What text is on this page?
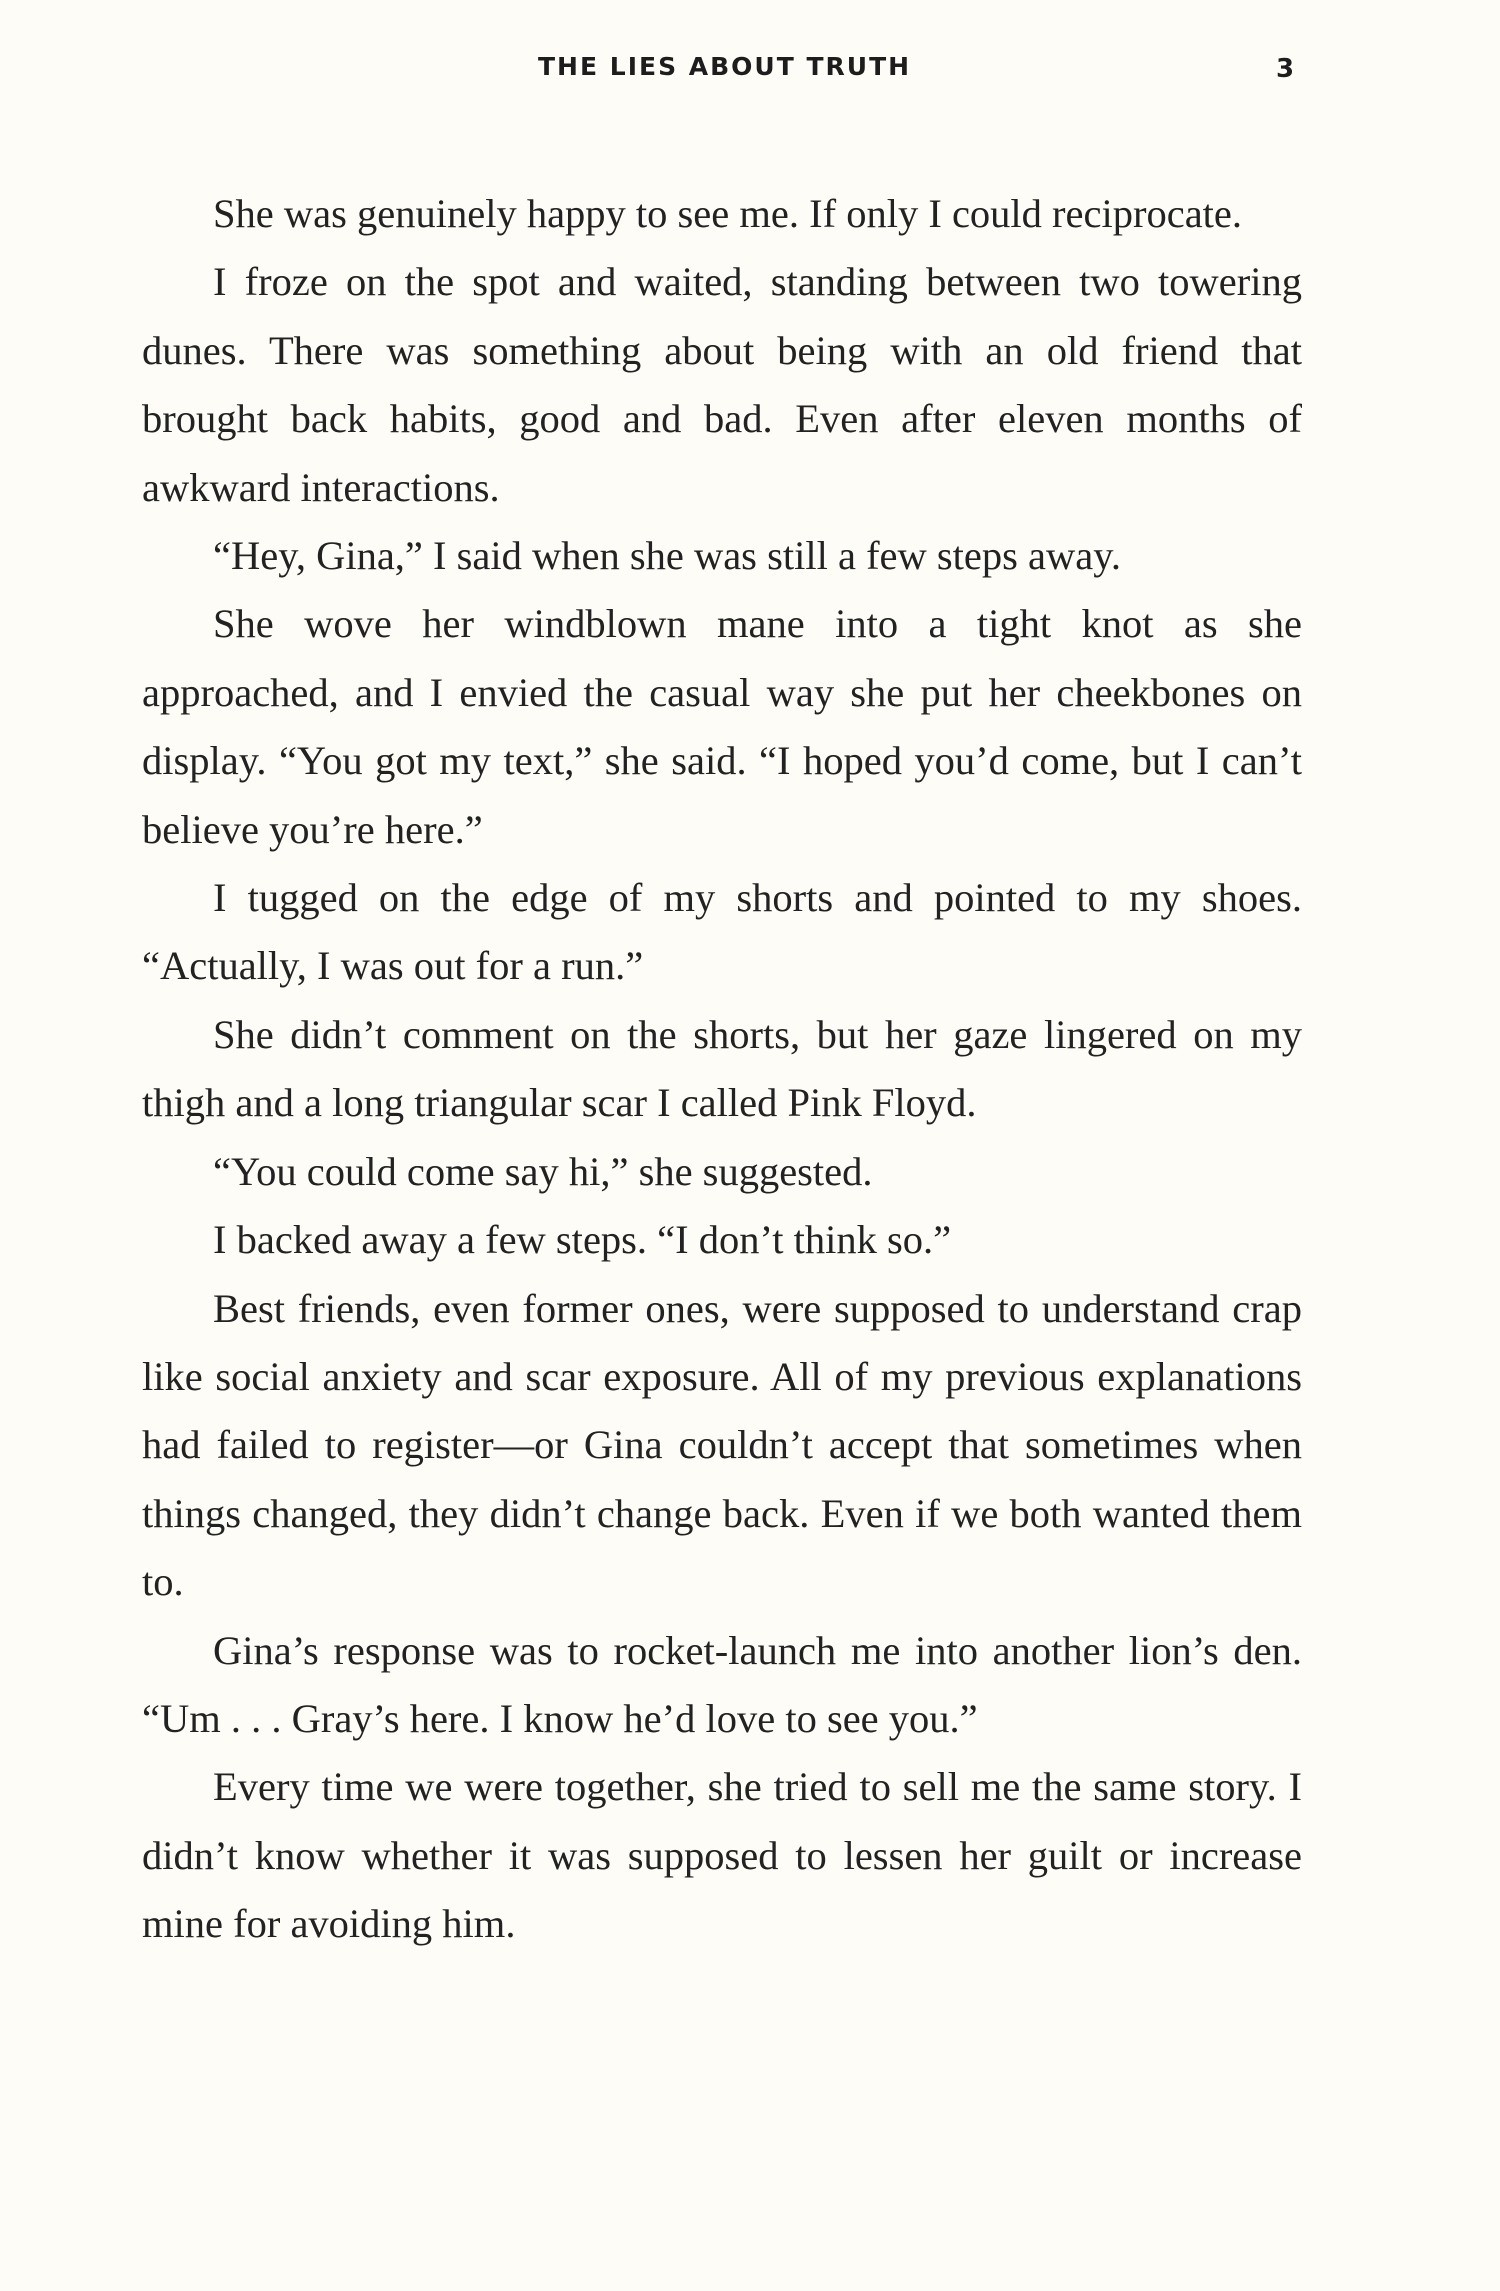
THE LIES ABOUT TRUTH	3

She was genuinely happy to see me. If only I could reciprocate.

I froze on the spot and waited, standing between two towering dunes. There was something about being with an old friend that brought back habits, good and bad. Even after eleven months of awkward interactions.

“Hey, Gina,” I said when she was still a few steps away.

She wove her windblown mane into a tight knot as she approached, and I envied the casual way she put her cheekbones on display. “You got my text,” she said. “I hoped you’d come, but I can’t believe you’re here.”

I tugged on the edge of my shorts and pointed to my shoes. “Actually, I was out for a run.”

She didn’t comment on the shorts, but her gaze lingered on my thigh and a long triangular scar I called Pink Floyd.

“You could come say hi,” she suggested.

I backed away a few steps. “I don’t think so.”

Best friends, even former ones, were supposed to understand crap like social anxiety and scar exposure. All of my previous explanations had failed to register—or Gina couldn’t accept that sometimes when things changed, they didn’t change back. Even if we both wanted them to.

Gina’s response was to rocket-launch me into another lion’s den. “Um . . . Gray’s here. I know he’d love to see you.”

Every time we were together, she tried to sell me the same story. I didn’t know whether it was supposed to lessen her guilt or increase mine for avoiding him.
